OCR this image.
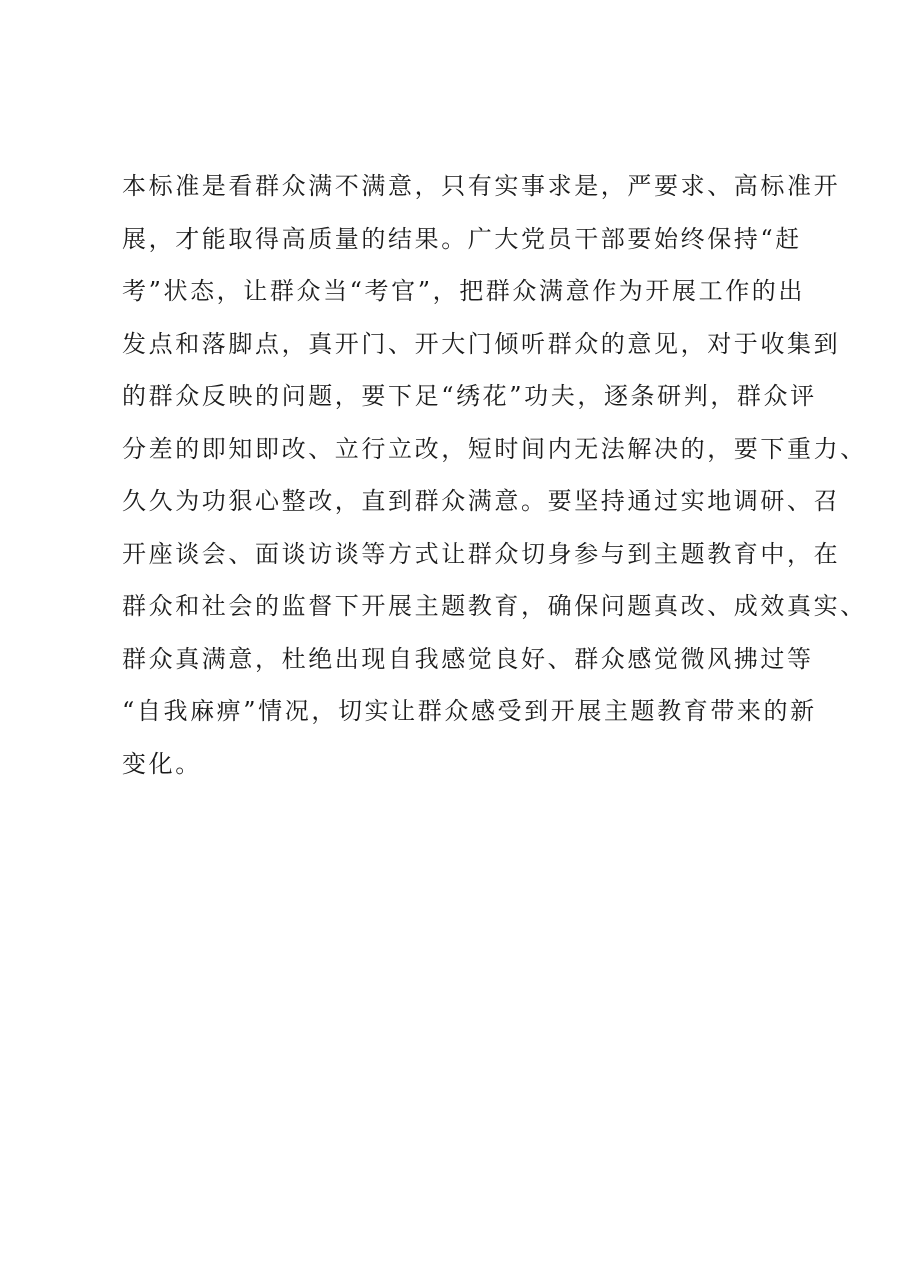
本标准是看群众满不满意，只有实事求是，严要求、高标准开
展，才能取得高质量的结果。广大党员干部要始终保持“赶
考”状态，让群众当“考官”，把群众满意作为开展工作的出
发点和落脚点，真开门、开大门倾听群众的意见，对于收集到
的群众反映的问题，要下足“绣花”功夫，逐条研判，群众评
分差的即知即改、立行立改，短时间内无法解决的，要下重力、
久久为功狠心整改，直到群众满意。要坚持通过实地调研、召
开座谈会、面谈访谈等方式让群众切身参与到主题教育中，在
群众和社会的监督下开展主题教育，确保问题真改、成效真实、
群众真满意，杜绝出现自我感觉良好、群众感觉微风拂过等
“自我麻痹”情况，切实让群众感受到开展主题教育带来的新
变化。
